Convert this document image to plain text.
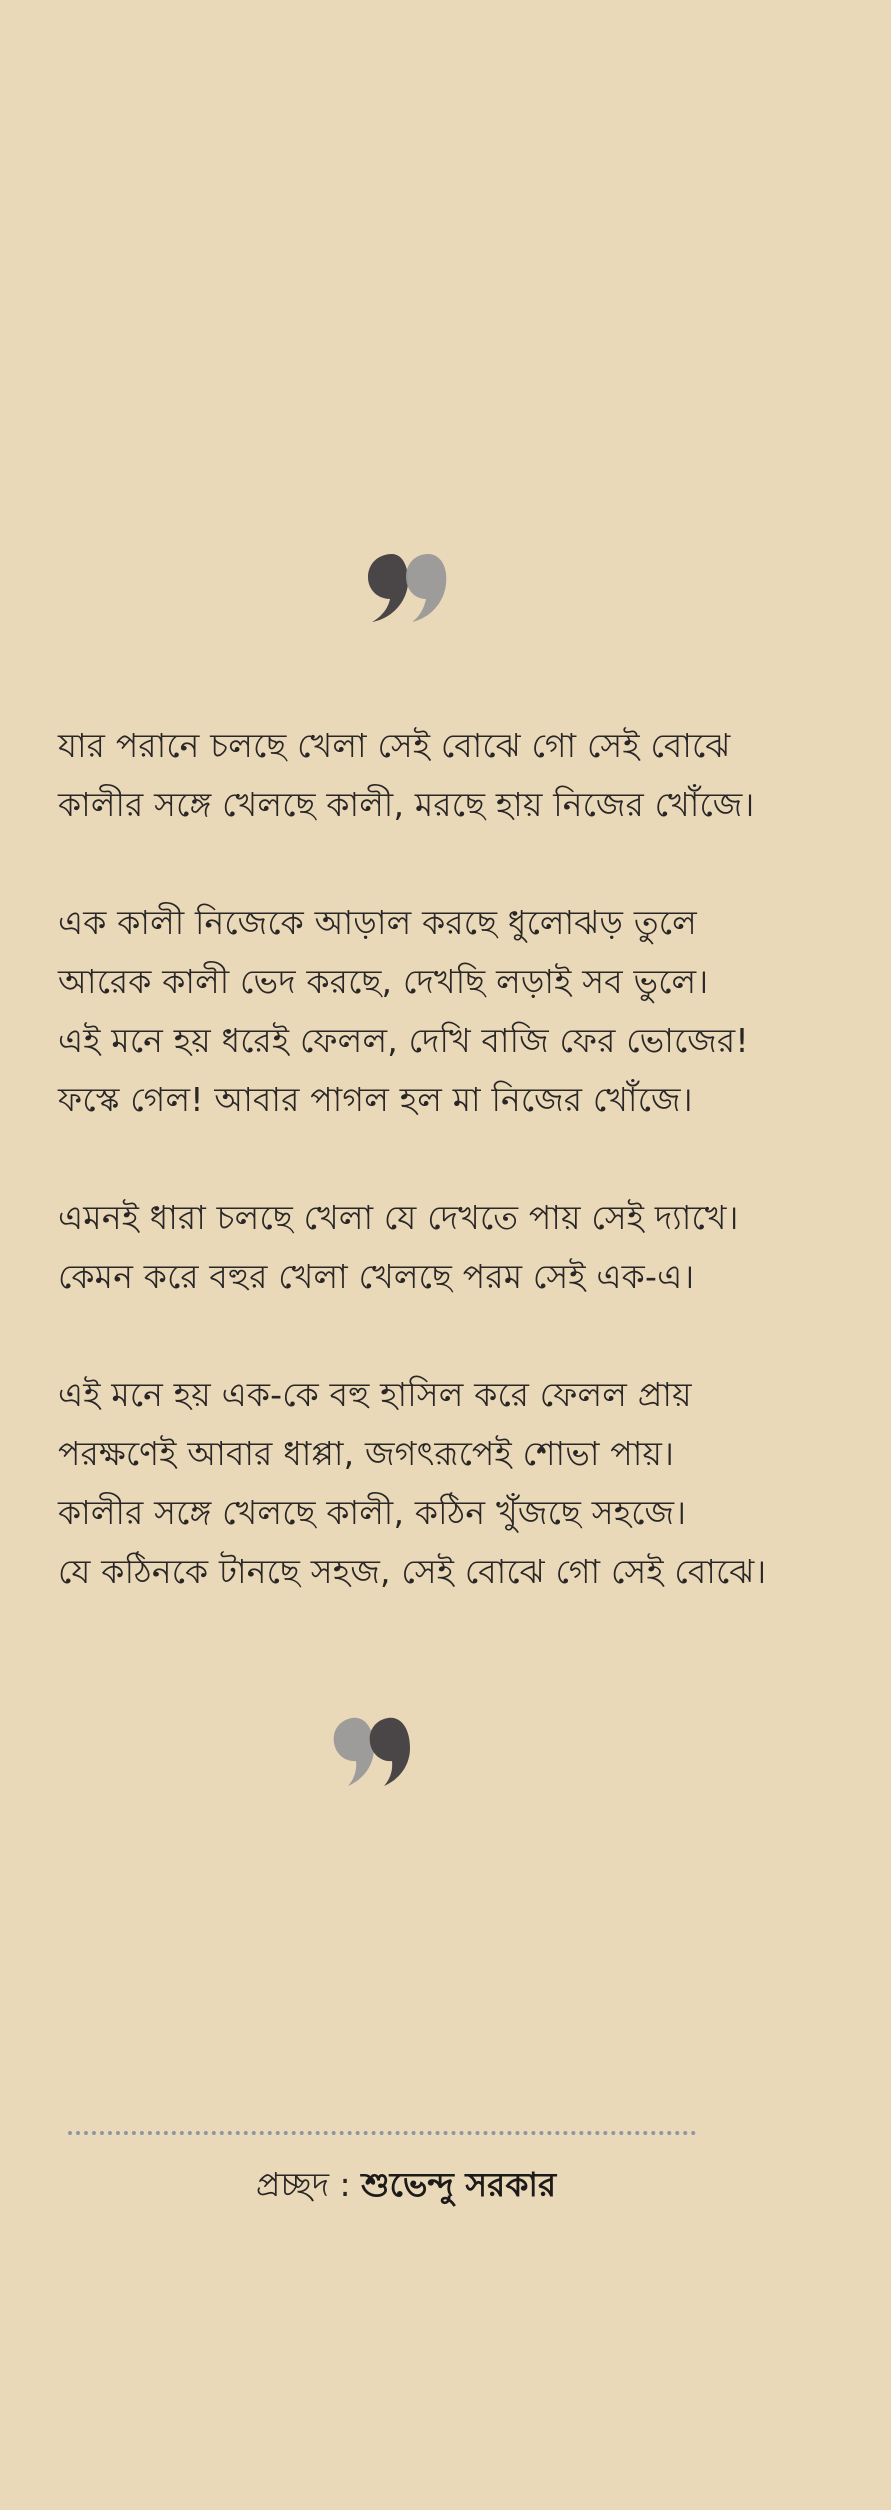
যার পরানে চলছে খেলা সেই বোঝে গো সেই বোঝে
কালীর সঙ্গে খেলছে কালী, মরছে হায় নিজের খোঁজে।
এক কালী নিজেকে আড়াল করছে ধুলোঝড় তুলে
আরেক কালী ভেদ করছে, দেখছি লড়াই সব ভুলে।
এই মনে হয় ধরেই ফেলল, দেখি বাজি ফের ভোজের!
ফস্কে গেল! আবার পাগল হল মা নিজের খোঁজে।
এমনই ধারা চলছে খেলা যে দেখতে পায় সেই দ্যাখে।
কেমন করে বহুর খেলা খেলছে পরম সেই এক-এ।
এই মনে হয় এক-কে বহু হাসিল করে ফেলল প্রায়
পরক্ষণেই আবার ধাপ্পা, জগৎরূপেই শোভা পায়।
কালীর সঙ্গে খেলছে কালী, কঠিন খুঁজছে সহজে।
যে কঠিনকে টানছে সহজ, সেই বোঝে গো সেই বোঝে।
প্রচ্ছদ : শুভেন্দু সরকার
